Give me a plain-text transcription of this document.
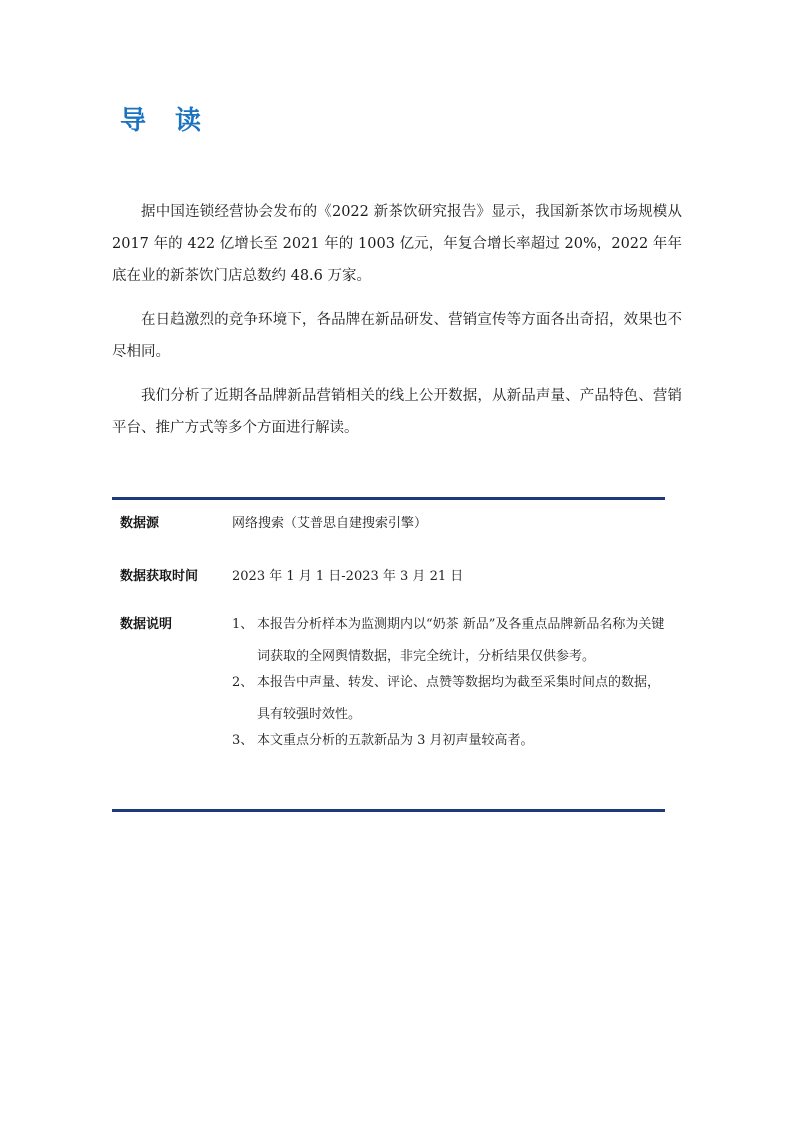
导 读

据中国连锁经营协会发布的《2022 新茶饮研究报告》显示，我国新茶饮市场规模从 2017 年的 422 亿增长至 2021 年的 1003 亿元，年复合增长率超过 20%，2022 年年底在业的新茶饮门店总数约 48.6 万家。

在日趋激烈的竞争环境下，各品牌在新品研发、营销宣传等方面各出奇招，效果也不尽相同。

我们分析了近期各品牌新品营销相关的线上公开数据，从新品声量、产品特色、营销平台、推广方式等多个方面进行解读。

数据源	网络搜索（艾普思自建搜索引擎）
数据获取时间	2023 年 1 月 1 日-2023 年 3 月 21 日
数据说明	1、 本报告分析样本为监测期内以“奶茶 新品”及各重点品牌新品名称为关键词获取的全网舆情数据，非完全统计，分析结果仅供参考。
2、 本报告中声量、转发、评论、点赞等数据均为截至采集时间点的数据，具有较强时效性。
3、 本文重点分析的五款新品为 3 月初声量较高者。
